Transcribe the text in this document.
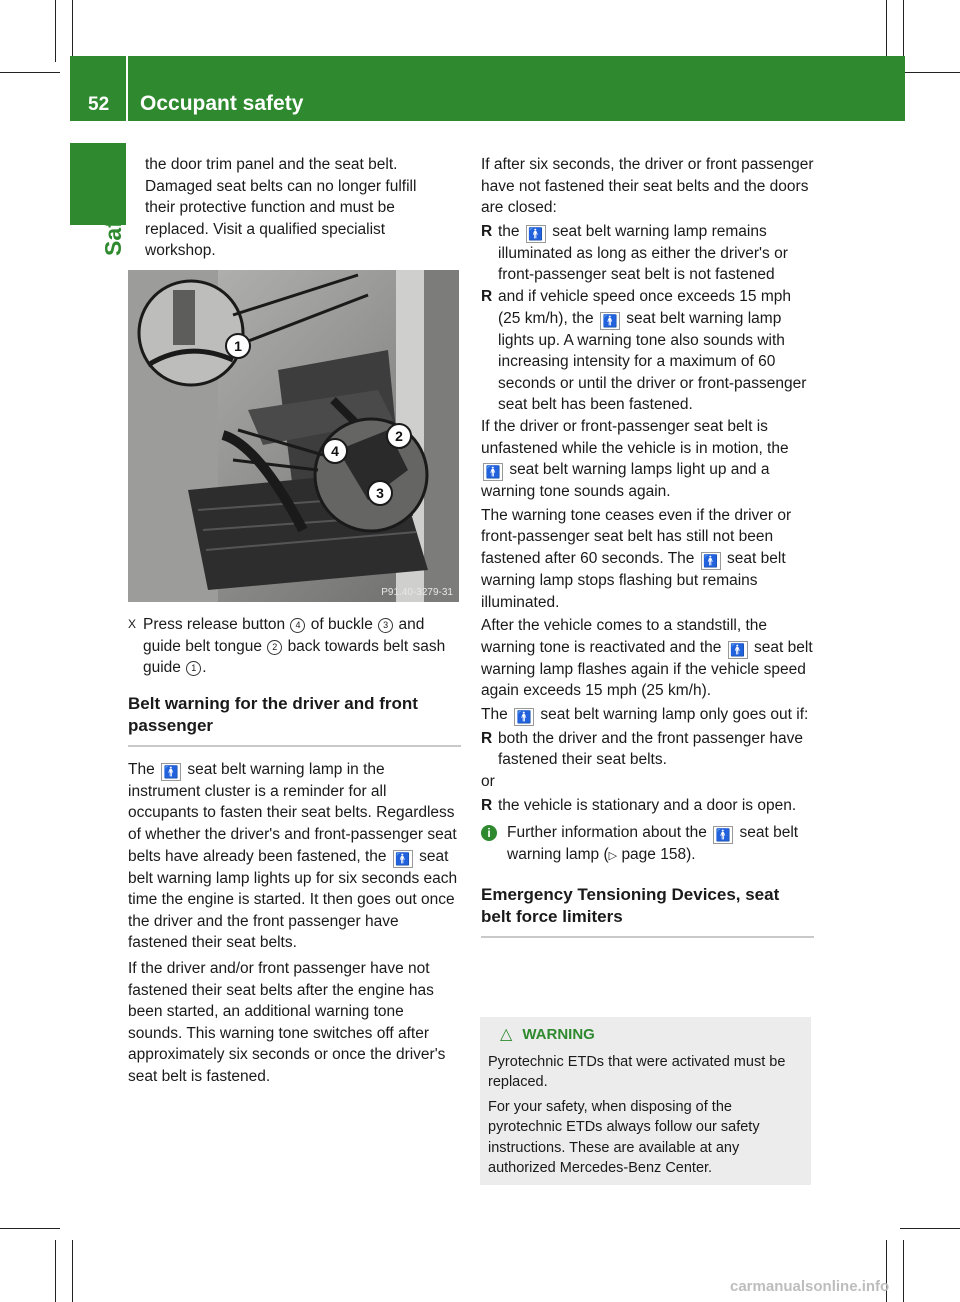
52 Occupant safety
Safety
the door trim panel and the seat belt.
Damaged seat belts can no longer fulfill
their protective function and must be
replaced. Visit a qualified specialist
workshop.
1
2
3
4
P91.40-3279-31
X Press release button 4 of buckle 3 and guide belt tongue 2 back towards belt sash guide 1 .

Belt warning for the driver and front passenger

The 🚹 seat belt warning lamp in the instrument cluster is a reminder for all occupants to fasten their seat belts. Regardless of whether the driver's and front-passenger seat belts have already been fastened, the 🚹 seat belt warning lamp lights up for six seconds each time the engine is started. It then goes out once the driver and the front passenger have fastened their seat belts.

If the driver and/or front passenger have not fastened their seat belts after the engine has been started, an additional warning tone sounds. This warning tone switches off after approximately six seconds or once the driver's seat belt is fastened.

If after six seconds, the driver or front passenger have not fastened their seat belts and the doors are closed:

R the 🚹 seat belt warning lamp remains illuminated as long as either the driver's or front-passenger seat belt is not fastened
R and if vehicle speed once exceeds 15 mph (25 km/h), the 🚹 seat belt warning lamp lights up. A warning tone also sounds with increasing intensity for a maximum of 60 seconds or until the driver or front-passenger seat belt has been fastened.

If the driver or front-passenger seat belt is unfastened while the vehicle is in motion, the 🚹 seat belt warning lamps light up and a warning tone sounds again.

The warning tone ceases even if the driver or front-passenger seat belt has still not been fastened after 60 seconds. The 🚹 seat belt warning lamp stops flashing but remains illuminated.

After the vehicle comes to a standstill, the warning tone is reactivated and the 🚹 seat belt warning lamp flashes again if the vehicle speed again exceeds 15 mph (25 km/h).

The 🚹 seat belt warning lamp only goes out if:

R both the driver and the front passenger have fastened their seat belts.

or

R the vehicle is stationary and a door is open.
i	Further information about the 🚹 seat belt warning lamp (▷ page 158).

Emergency Tensioning Devices, seat belt force limiters

△ WARNING

Pyrotechnic ETDs that were activated must be replaced.

For your safety, when disposing of the pyrotechnic ETDs always follow our safety instructions. These are available at any authorized Mercedes-Benz Center.

carmanualsonline.info
